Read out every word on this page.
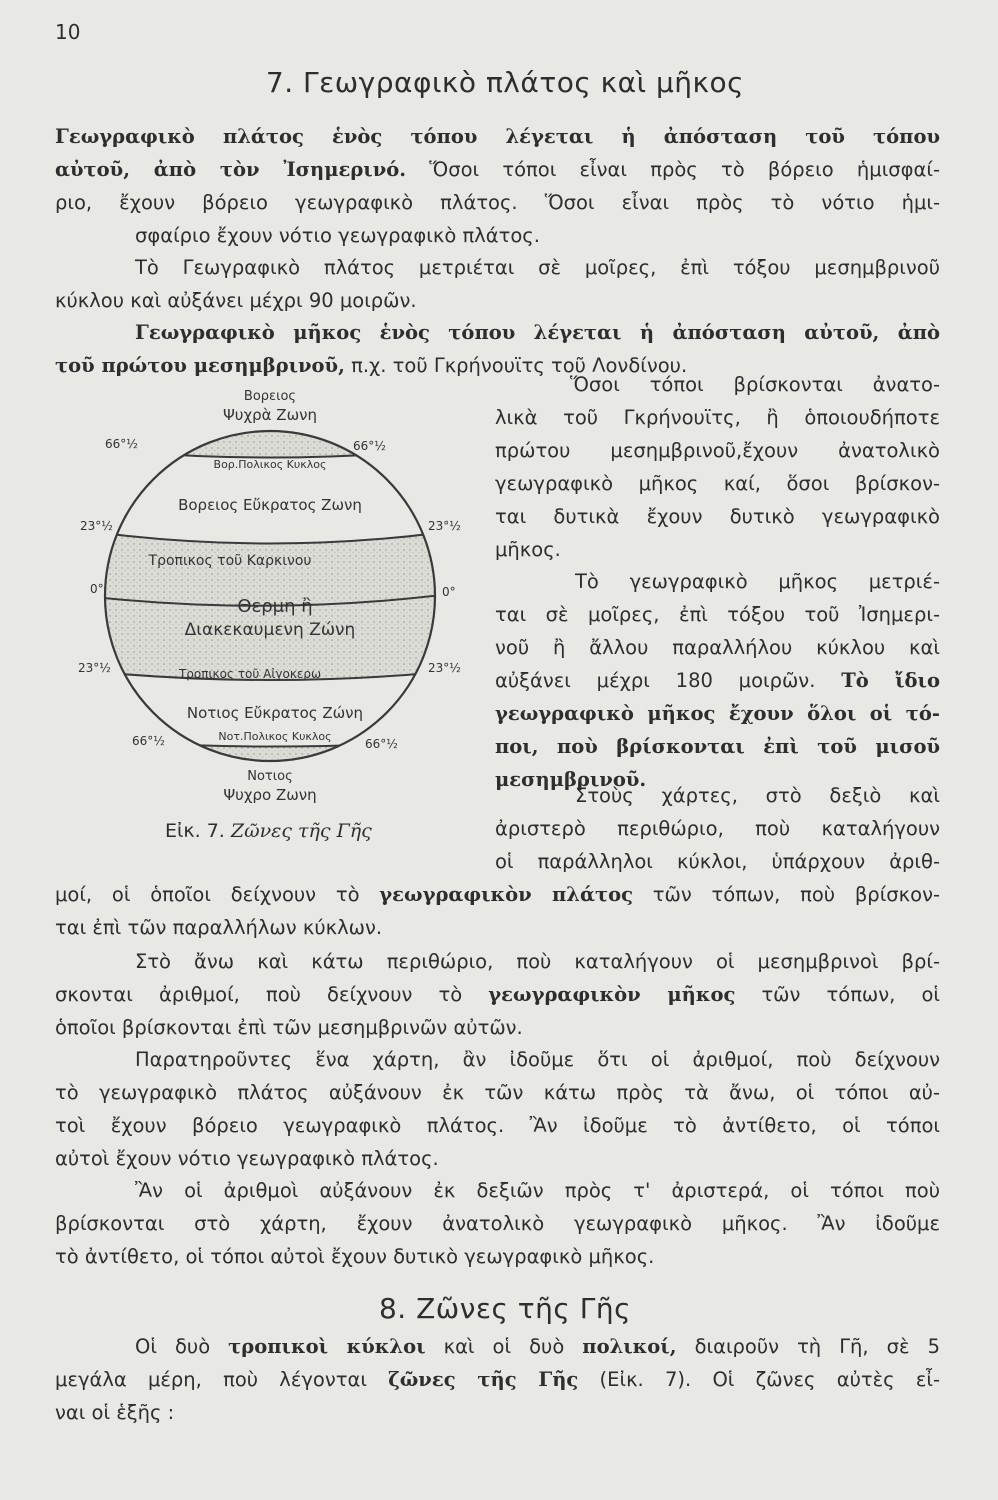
10
7. Γεωγραφικὸ πλάτος καὶ μῆκος
8. Ζῶνες τῆς Γῆς
Γεωγραφικὸ πλάτος ἑνὸς τόπου λέγεται ἡ ἀπόσταση τοῦ τόπου
αὐτοῦ, ἀπὸ τὸν Ἰσημερινό. Ὅσοι τόποι εἶναι πρὸς τὸ βόρειο ἡμισφαί-
ριο, ἔχουν βόρειο γεωγραφικὸ πλάτος. Ὅσοι εἶναι πρὸς τὸ νότιο ἡμι-
σφαίριο ἔχουν νότιο γεωγραφικὸ πλάτος.
Τὸ Γεωγραφικὸ πλάτος μετριέται σὲ μοῖρες, ἐπὶ τόξου μεσημβρινοῦ
κύκλου καὶ αὐξάνει μέχρι 90 μοιρῶν.
Γεωγραφικὸ μῆκος ἑνὸς τόπου λέγεται ἡ ἀπόσταση αὐτοῦ, ἀπὸ
τοῦ πρώτου μεσημβρινοῦ, π.χ. τοῦ Γκρήνουϊτς τοῦ Λονδίνου.
Ὅσοι τόποι βρίσκονται ἀνατο-
λικὰ τοῦ Γκρήνουϊτς, ἢ ὁποιουδήποτε
πρώτου μεσημβρινοῦ,ἔχουν ἀνατολικὸ
γεωγραφικὸ μῆκος καί, ὅσοι βρίσκον-
ται δυτικὰ ἔχουν δυτικὸ γεωγραφικὸ
μῆκος.
Τὸ γεωγραφικὸ μῆκος μετριέ-
ται σὲ μοῖρες, ἐπὶ τόξου τοῦ Ἰσημερι-
νοῦ ἢ ἄλλου παραλλήλου κύκλου καὶ
αὐξάνει μέχρι 180 μοιρῶν. Τὸ ἴδιο
γεωγραφικὸ μῆκος ἔχουν ὅλοι οἱ τό-
ποι, ποὺ βρίσκονται ἐπὶ τοῦ μισοῦ
μεσημβρινοῦ.
Στοὺς χάρτες, στὸ δεξιὸ καὶ
ἀριστερὸ περιθώριο, ποὺ καταλήγουν
οἱ παράλληλοι κύκλοι, ὑπάρχουν ἀριθ-
μοί, οἱ ὁποῖοι δείχνουν τὸ γεωγραφικὸν πλάτος τῶν τόπων, ποὺ βρίσκον-
ται ἐπὶ τῶν παραλλήλων κύκλων.
Στὸ ἄνω καὶ κάτω περιθώριο, ποὺ καταλήγουν οἱ μεσημβρινοὶ βρί-
σκονται ἀριθμοί, ποὺ δείχνουν τὸ γεωγραφικὸν μῆκος τῶν τόπων, οἱ
ὁποῖοι βρίσκονται ἐπὶ τῶν μεσημβρινῶν αὐτῶν.
Παρατηροῦντες ἕνα χάρτη, ἂν ἰδοῦμε ὅτι οἱ ἀριθμοί, ποὺ δείχνουν
τὸ γεωγραφικὸ πλάτος αὐξάνουν ἐκ τῶν κάτω πρὸς τὰ ἄνω, οἱ τόποι αὐ-
τοὶ ἔχουν βόρειο γεωγραφικὸ πλάτος. Ἂν ἰδοῦμε τὸ ἀντίθετο, οἱ τόποι
αὐτοὶ ἔχουν νότιο γεωγραφικὸ πλάτος.
Ἂν οἱ ἀριθμοὶ αὐξάνουν ἐκ δεξιῶν πρὸς τ' ἀριστερά, οἱ τόποι ποὺ
βρίσκονται στὸ χάρτη, ἔχουν ἀνατολικὸ γεωγραφικὸ μῆκος. Ἂν ἰδοῦμε
τὸ ἀντίθετο, οἱ τόποι αὐτοὶ ἔχουν δυτικὸ γεωγραφικὸ μῆκος.
Οἱ δυὸ τροπικοὶ κύκλοι καὶ οἱ δυὸ πολικοί, διαιροῦν τὴ Γῆ, σὲ 5
μεγάλα μέρη, ποὺ λέγονται ζῶνες τῆς Γῆς (Εἰκ. 7). Οἱ ζῶνες αὐτὲς εἶ-
ναι οἱ ἑξῆς :
Βορειος
Ψυχρὰ Ζωνη
Βορ.Πολικος Κυκλος
Βορειος Εὔκρατος Ζωνη
Τροπικος τοῦ Καρκινου
Θερμη ἢ
Διακεκαυμενη Ζώνη
Τροπικος τοῦ Αἰγοκερω
Νοτιος Εὔκρατος Ζώνη
Νοτ.Πολικος Κυκλος
Νοτιος
Ψυχρο Ζωνη
66°½	66°½
23°½	23°½
0°	0°
23°½	23°½
66°½	66°½
Εἰκ. 7. Ζῶνες τῆς Γῆς
